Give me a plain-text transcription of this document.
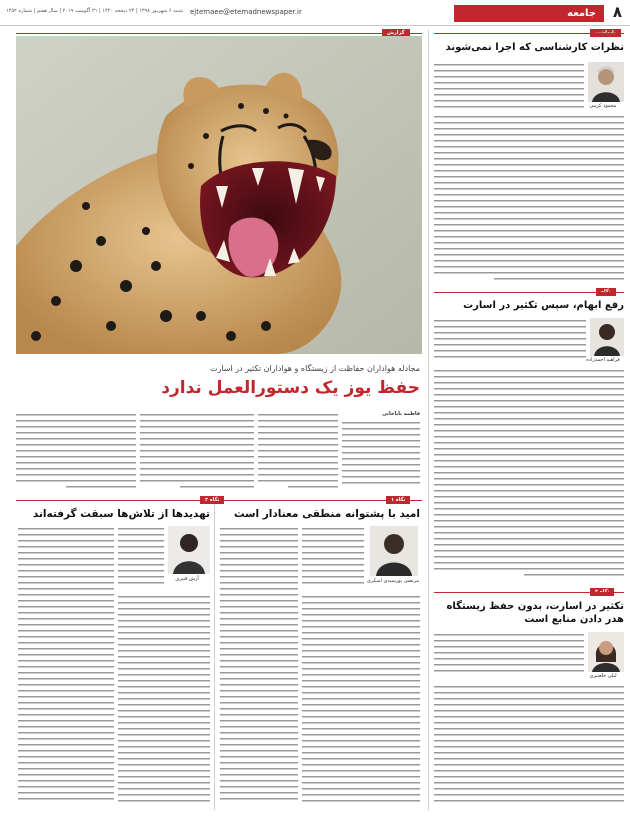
۸
جامعه
ejtemaee@etemadnewspaper.ir
شنبه ۶ شهریور ۱۳۹۸ | ۲۴ ذیحجه ۱۴۴۰ | ۳۱ آگوست ۲۰۱۹ | سال هفتم | شماره ۱۴۵۲
گزارش
مجادله هواداران حفاظت از زیستگاه و هواداران تکثیر در اسارت
حفظ یوز یک دستورالعمل ندارد
فاطمه باباخانی
نگاه ۱
نگاه ۲
امید با پشتوانه منطقی معنادار است
مرتضی پورسیدی اسکری
تهدیدها از تلاش‌ها سبقت گرفته‌اند
آرش قنبری
نظرات کارشناسی که اجرا نمی‌شوند
محمود کرمی
رفع ابهام، سپس تکثیر در اسارت
فراهید احمدزاده
تکثیر در اسارت، بدون حفظ زیستگاه هدر دادن منابع است
لیلی خلعتبری
